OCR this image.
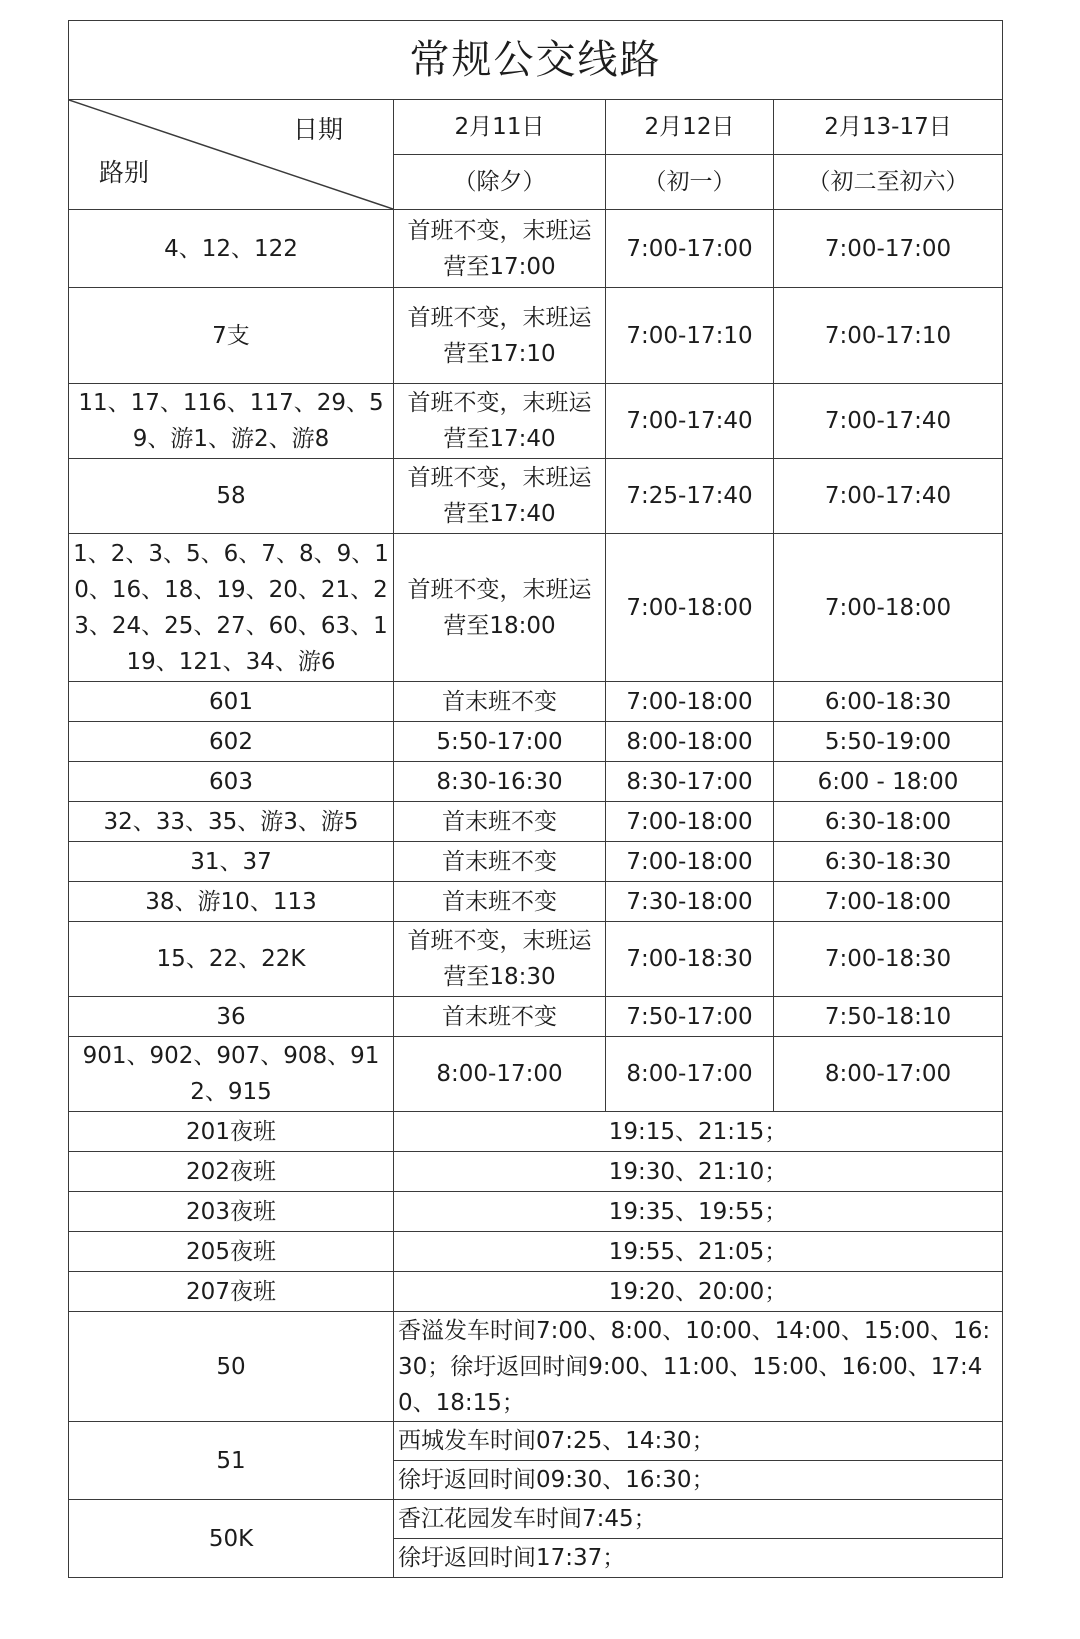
常规公交线路			

日期
路别	2月11日	2月12日	2月13-17日
	（除夕）	（初一）	（初二至初六）
4、12、122	首班不变，末班运营至17:00	7:00-17:00	7:00-17:00
7支	首班不变，末班运营至17:10	7:00-17:10	7:00-17:10
11、17、116、117、29、59、游1、游2、游8	首班不变，末班运营至17:40	7:00-17:40	7:00-17:40
58	首班不变，末班运营至17:40	7:25-17:40	7:00-17:40
1、2、3、5、6、7、8、9、10、16、18、19、20、21、23、24、25、27、60、63、119、121、34、游6	首班不变，末班运营至18:00	7:00-18:00	7:00-18:00
601	首末班不变	7:00-18:00	6:00-18:30
602	5:50-17:00	8:00-18:00	5:50-19:00
603	8:30-16:30	8:30-17:00	6:00 - 18:00
32、33、35、游3、游5	首末班不变	7:00-18:00	6:30-18:00
31、37	首末班不变	7:00-18:00	6:30-18:30
38、游10、113	首末班不变	7:30-18:00	7:00-18:00
15、22、22K	首班不变，末班运营至18:30	7:00-18:30	7:00-18:30
36	首末班不变	7:50-17:00	7:50-18:10
901、902、907、908、912、915	8:00-17:00	8:00-17:00	8:00-17:00
201夜班	19:15、21:15；		
202夜班	19:30、21:10；		
203夜班	19:35、19:55；		
205夜班	19:55、21:05；		
207夜班	19:20、20:00；		
50	香溢发车时间7:00、8:00、10:00、14:00、15:00、16:30；徐圩返回时间9:00、11:00、15:00、16:00、17:40、18:15；		
51	西城发车时间07:25、14:30；		
	徐圩返回时间09:30、16:30；		
50K	香江花园发车时间7:45；		
	徐圩返回时间17:37；		
